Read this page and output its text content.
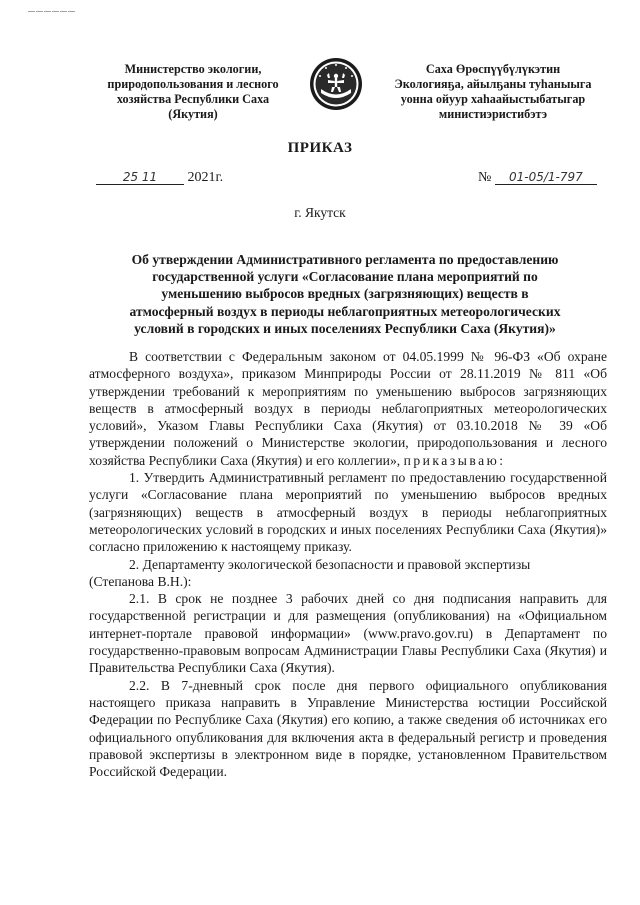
——————
Министерство экологии,
природопользования и лесного
хозяйства Республики Саха
(Якутия)
Саха Өрөспүүбүлүкэтин
Экологияҕа, айылҕаны туһаныыга
уонна ойуур хаһаайыстыбатыгар
министиэристибэтэ
ПРИКАЗ
25 11 2021г.	№ 01-05/1-797
г. Якутск
Об утверждении Административного регламента по предоставлению
государственной услуги «Согласование плана мероприятий по
уменьшению выбросов вредных (загрязняющих) веществ в
атмосферный воздух в периоды неблагоприятных метеорологических
условий в городских и иных поселениях Республики Саха (Якутия)»

В соответствии с Федеральным законом от 04.05.1999 № 96-ФЗ «Об охране атмосферного воздуха», приказом Минприроды России от 28.11.2019 № 811 «Об утверждении требований к мероприятиям по уменьшению выбросов загрязняющих веществ в атмосферный воздух в периоды неблагоприятных метеорологических условий», Указом Главы Республики Саха (Якутия) от 03.10.2018 № 39 «Об утверждении положений о Министерстве экологии, природопользования и лесного хозяйства Республики Саха (Якутия) и его коллегии», приказываю:

1. Утвердить Административный регламент по предоставлению государственной услуги «Согласование плана мероприятий по уменьшению выбросов вредных (загрязняющих) веществ в атмосферный воздух в периоды неблагоприятных метеорологических условий в городских и иных поселениях Республики Саха (Якутия)» согласно приложению к настоящему приказу.

2. Департаменту экологической безопасности и правовой экспертизы

(Степанова В.Н.):

2.1. В срок не позднее 3 рабочих дней со дня подписания направить для государственной регистрации и для размещения (опубликования) на «Официальном интернет-портале правовой информации» (www.pravo.gov.ru) в Департамент по государственно-правовым вопросам Администрации Главы Республики Саха (Якутия) и Правительства Республики Саха (Якутия).

2.2. В 7-дневный срок после дня первого официального опубликования настоящего приказа направить в Управление Министерства юстиции Российской Федерации по Республике Саха (Якутия) его копию, а также сведения об источниках его официального опубликования для включения акта в федеральный регистр и проведения правовой экспертизы в электронном виде в порядке, установленном Правительством Российской Федерации.
